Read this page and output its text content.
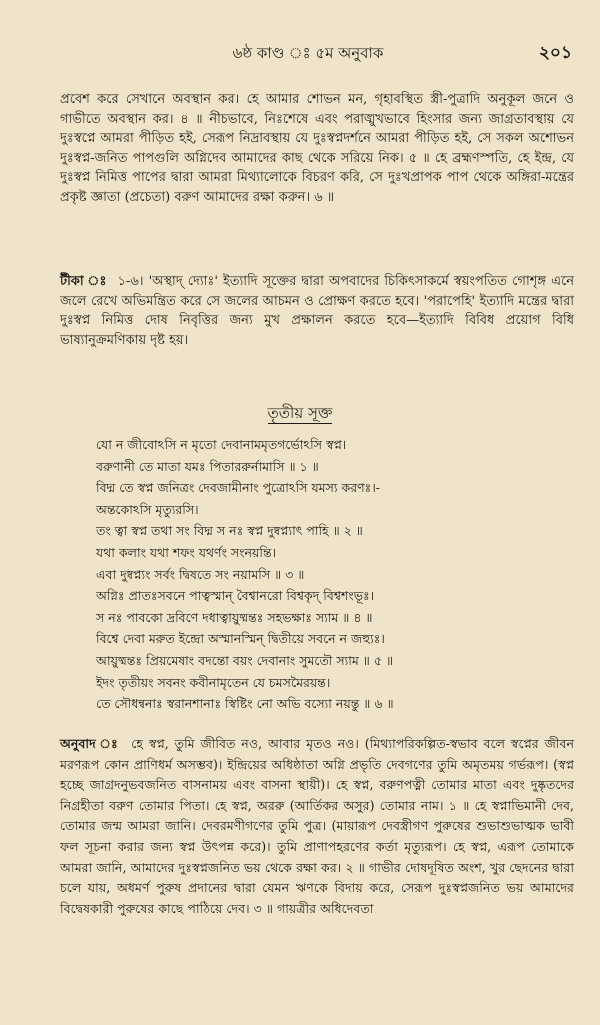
৬ষ্ঠ কাণ্ড ঃ ৫ম অনুবাক	২০১

প্রবেশ করে সেখানে অবস্থান কর। হে আমার শোভন মন, গৃহাবস্থিত স্ত্রী-পুত্রাদি অনুকূল জনে ও গাভীতে অবস্থান কর। ৪ ॥ নীচভাবে, নিঃশেষে এবং পরাঙ্মুখভাবে হিংসার জন্য জাগ্রতাবস্থায় যে দুঃস্বপ্নে আমরা পীড়িত হই, সেরূপ নিদ্রাবস্থায় যে দুঃস্বপ্নদর্শনে আমরা পীড়িত হই, সে সকল অশোভন দুঃস্বপ্ন-জনিত পাপগুলি অগ্নিদেব আমাদের কাছ থেকে সরিয়ে নিক। ৫ ॥ হে ব্রহ্মণস্পতি, হে ইন্দ্র, যে দুঃস্বপ্ন নিমিত্ত পাপের দ্বারা আমরা মিথ্যালোকে বিচরণ করি, সে দুঃখপ্রাপক পাপ থেকে অঙ্গিরা-মন্ত্রের প্রকৃষ্ট জ্ঞাতা (প্রচেতা) বরুণ আমাদের রক্ষা করুন। ৬ ॥

টীকা ঃ ১-৬। 'অস্থাদ্ দ্যোঃ' ইত্যাদি সূক্তের দ্বারা অপবাদের চিকিৎসাকর্মে স্বয়ংপতিত গোশৃঙ্গ এনে জলে রেখে অভিমন্ত্রিত করে সে জলের আচমন ও প্রোক্ষণ করতে হবে। 'পরাপেহি' ইত্যাদি মন্ত্রের দ্বারা দুঃস্বপ্ন নিমিত্ত দোষ নিবৃত্তির জন্য মুখ প্রক্ষালন করতে হবে—ইত্যাদি বিবিধ প্রয়োগ বিধি ভাষ্যানুক্রমণিকায় দৃষ্ট হয়।

তৃতীয় সূক্ত
যো ন জীবোঽসি ন মৃতো দেবানামমৃতগর্ভোঽসি স্বপ্ন।
বরুণানী তে মাতা যমঃ পিতাররুর্নামাসি ॥ ১ ॥
বিদ্ম তে স্বপ্ন জনিত্রং দেবজামীনাং পুত্রোঽসি যমস্য করণঃ।-
অন্তকোঽসি মৃত্যুরসি।
তং ত্বা স্বপ্ন তথা সং বিদ্ম স নঃ স্বপ্ন দুষ্বপ্ন্যাৎ পাহি ॥ ২ ॥
যথা কলাং যথা শফং যথর্ণং সংনয়ন্তি।
এবা দুষ্বপ্ন্যং সর্বং দ্বিষতে সং নয়ামসি ॥ ৩ ॥
অগ্নিঃ প্রাতঃসবনে পাত্বস্মান্ বৈশ্বানরো বিশ্বকৃদ্ বিশ্বশংভূঃ।
স নঃ পাবকো দ্রবিণে দধাত্বায়ুষ্মন্তঃ সহভক্ষাঃ স্যাম ॥ ৪ ॥
বিশ্বে দেবা মরুত ইন্দ্রো অস্মানস্মিন্ দ্বিতীয়ে সবনে ন জহ্যুঃ।
আয়ুষ্মন্তঃ প্রিয়মেষাং বদন্তো বয়ং দেবানাং সুমতৌ স্যাম ॥ ৫ ॥
ইদং তৃতীয়ং সবনং কবীনামৃতেন যে চমসমৈরয়ন্ত।
তে সৌধন্বনাঃ স্বরানশানাঃ স্বিষ্টিং নো অভি বস্যো নয়ন্তু ॥ ৬ ॥

অনুবাদ ঃ হে স্বপ্ন, তুমি জীবিত নও, আবার মৃতও নও। (মিথ্যাপরিকল্পিত-স্বভাব বলে স্বপ্নের জীবন মরণরূপ কোন প্রাণিধর্ম অসম্ভব)। ইন্দ্রিয়ের অধিষ্ঠাতা অগ্নি প্রভৃতি দেবগণের তুমি অমৃতময় গর্ভরূপ। (স্বপ্ন হচ্ছে জাগ্রদনুভবজনিত বাসনাময় এবং বাসনা স্থায়ী)। হে স্বপ্ন, বরুণপত্নী তোমার মাতা এবং দুষ্কৃতদের নিগ্রহীতা বরুণ তোমার পিতা। হে স্বপ্ন, অররু (আর্তিকর অসুর) তোমার নাম। ১ ॥ হে স্বপ্নাভিমানী দেব, তোমার জন্ম আমরা জানি। দেবরমণীগণের তুমি পুত্র। (মায়ারূপ দেবস্ত্রীগণ পুরুষের শুভাশুভাত্মক ভাবী ফল সূচনা করার জন্য স্বপ্ন উৎপন্ন করে)। তুমি প্রাণাপহরণের কর্তা মৃত্যুরূপ। হে স্বপ্ন, এরূপ তোমাকে আমরা জানি, আমাদের দুঃস্বপ্নজনিত ভয় থেকে রক্ষা কর। ২ ॥ গাভীর দোষদূষিত অংশ, খুর ছেদনের দ্বারা চলে যায়, অধমর্ণ পুরুষ প্রদানের দ্বারা যেমন ঋণকে বিদায় করে, সেরূপ দুঃস্বপ্নজনিত ভয় আমাদের বিদ্বেষকারী পুরুষের কাছে পাঠিয়ে দেব। ৩ ॥ গায়ত্রীর অধিদেবতা
